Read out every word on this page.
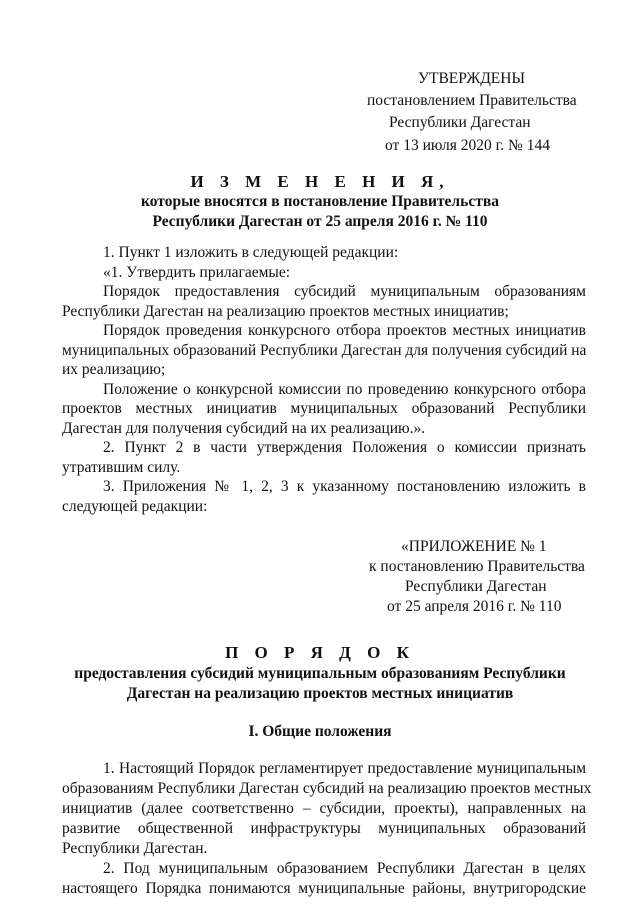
УТВЕРЖДЕНЫ
постановлением Правительства
Республики Дагестан
от 13 июля 2020 г. № 144
И З М Е Н Е Н И Я,
которые вносятся в постановление Правительства
Республики Дагестан от 25 апреля 2016 г. № 110
1. Пункт 1 изложить в следующей редакции:
«1. Утвердить прилагаемые:
Порядок предоставления субсидий муниципальным образованиям
Республики Дагестан на реализацию проектов местных инициатив;
Порядок проведения конкурсного отбора проектов местных инициатив
муниципальных образований Республики Дагестан для получения субсидий на
их реализацию;
Положение о конкурсной комиссии по проведению конкурсного отбора
проектов местных инициатив муниципальных образований Республики
Дагестан для получения субсидий на их реализацию.».
2. Пункт 2 в части утверждения Положения о комиссии признать
утратившим силу.
3. Приложения № 1, 2, 3 к указанному постановлению изложить в
следующей редакции:
«ПРИЛОЖЕНИЕ № 1
к постановлению Правительства
Республики Дагестан
от 25 апреля 2016 г. № 110
П О Р Я Д О К
предоставления субсидий муниципальным образованиям Республики
Дагестан на реализацию проектов местных инициатив
I. Общие положения
1. Настоящий Порядок регламентирует предоставление муниципальным
образованиям Республики Дагестан субсидий на реализацию проектов местных
инициатив (далее соответственно – субсидии, проекты), направленных на
развитие общественной инфраструктуры муниципальных образований
Республики Дагестан.
2. Под муниципальным образованием Республики Дагестан в целях
настоящего Порядка понимаются муниципальные районы, внутригородские
